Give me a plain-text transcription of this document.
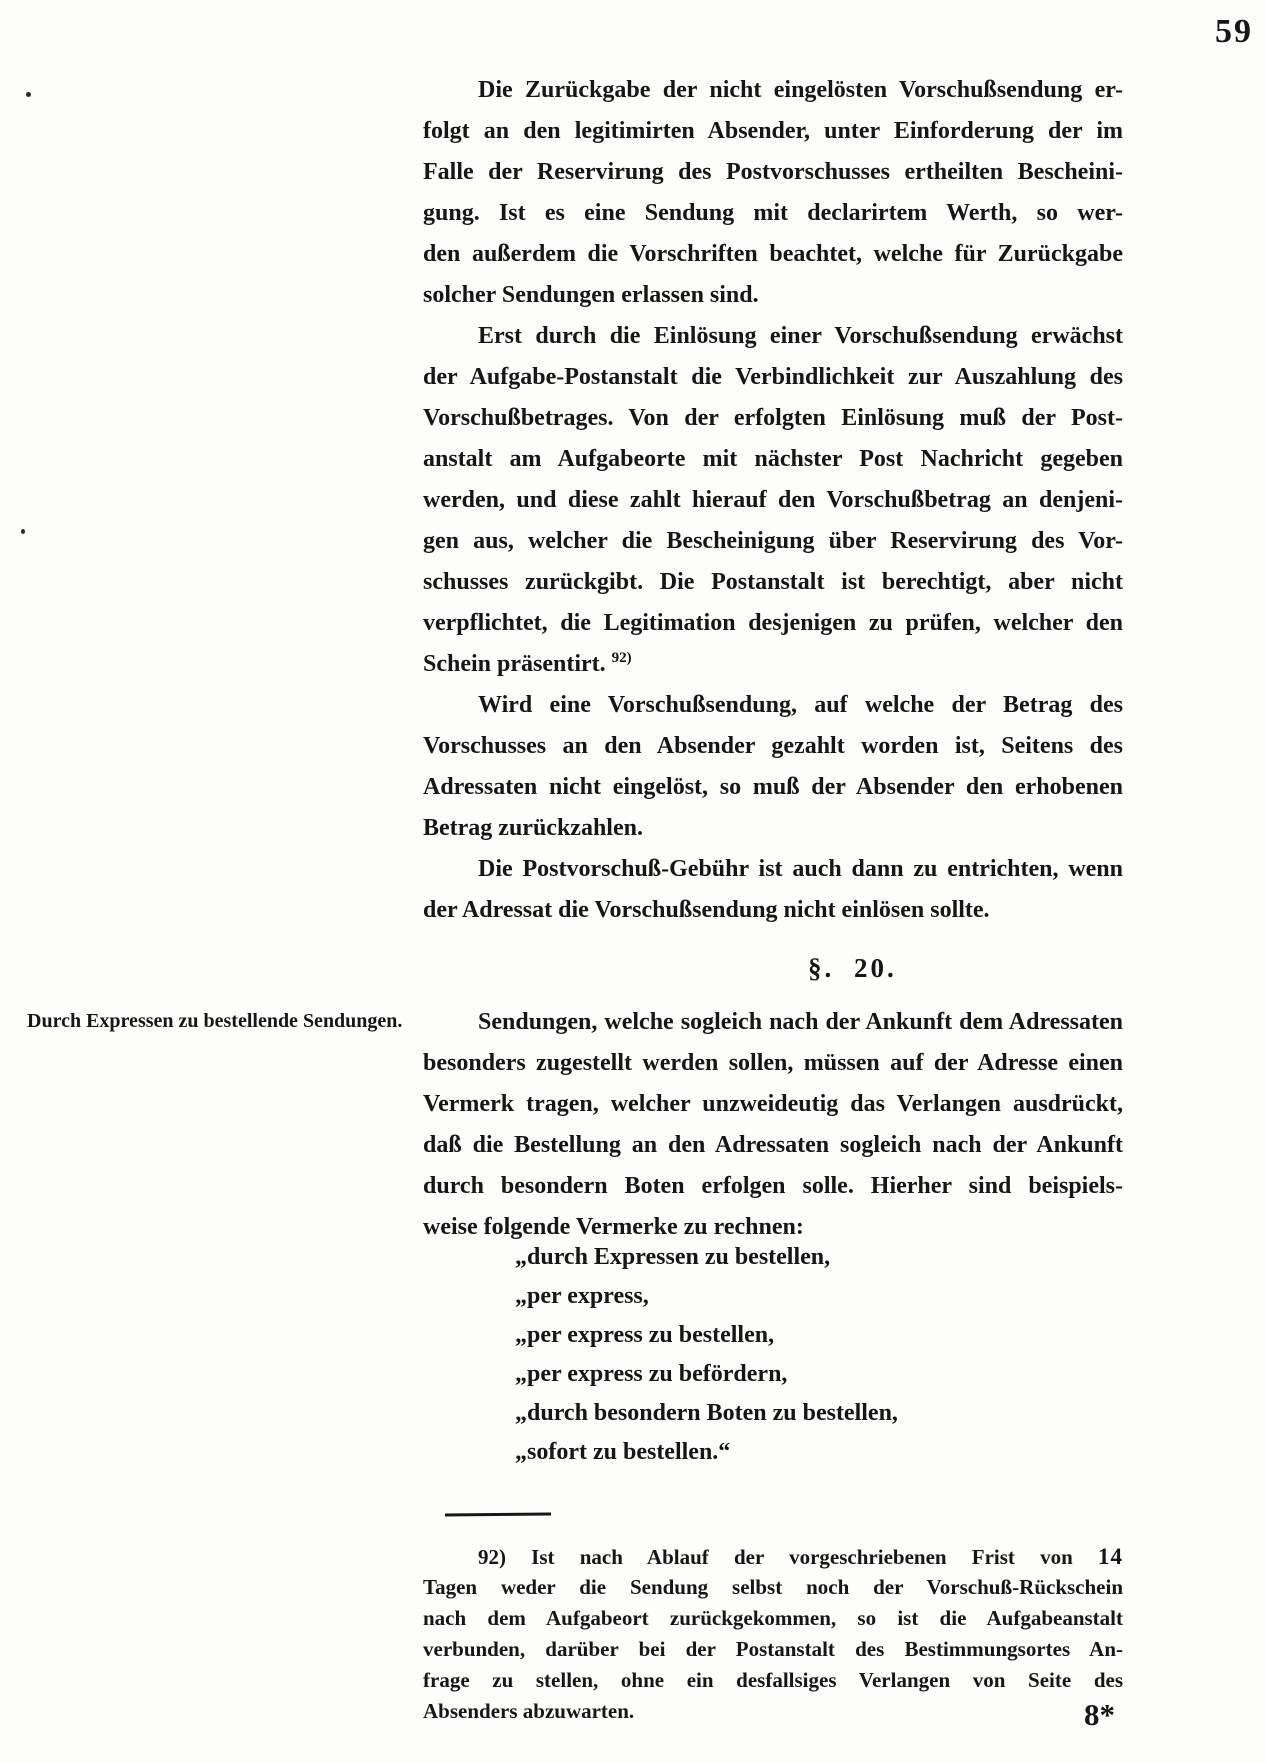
59
Die Zurückgabe der nicht eingelösten Vorschußsendung er-
folgt an den legitimirten Absender, unter Einforderung der im
Falle der Reservirung des Postvorschusses ertheilten Bescheini-
gung. Ist es eine Sendung mit declarirtem Werth, so wer-
den außerdem die Vorschriften beachtet, welche für Zurückgabe
solcher Sendungen erlassen sind.
Erst durch die Einlösung einer Vorschußsendung erwächst
der Aufgabe-Postanstalt die Verbindlichkeit zur Auszahlung des
Vorschußbetrages. Von der erfolgten Einlösung muß der Post-
anstalt am Aufgabeorte mit nächster Post Nachricht gegeben
werden, und diese zahlt hierauf den Vorschußbetrag an denjeni-
gen aus, welcher die Bescheinigung über Reservirung des Vor-
schusses zurückgibt. Die Postanstalt ist berechtigt, aber nicht
verpflichtet, die Legitimation desjenigen zu prüfen, welcher den
Schein präsentirt. $^{92)}$
Wird eine Vorschußsendung, auf welche der Betrag des
Vorschusses an den Absender gezahlt worden ist, Seitens des
Adressaten nicht eingelöst, so muß der Absender den erhobenen
Betrag zurückzahlen.
Die Postvorschuß-Gebühr ist auch dann zu entrichten, wenn
der Adressat die Vorschußsendung nicht einlösen sollte.
§. 20.
Durch Expressen zu bestellende Sendungen.	Sendungen, welche sogleich nach der Ankunft dem Adressaten
besonders zugestellt werden sollen, müssen auf der Adresse einen
Vermerk tragen, welcher unzweideutig das Verlangen ausdrückt,
daß die Bestellung an den Adressaten sogleich nach der Ankunft
durch besondern Boten erfolgen solle. Hierher sind beispiels-
weise folgende Vermerke zu rechnen:
„durch Expressen zu bestellen,
„per express,
„per express zu bestellen,
„per express zu befördern,
„durch besondern Boten zu bestellen,
„sofort zu bestellen.“
92) Ist nach Ablauf der vorgeschriebenen Frist von 14
Tagen weder die Sendung selbst noch der Vorschuß-Rückschein
nach dem Aufgabeort zurückgekommen, so ist die Aufgabeanstalt
verbunden, darüber bei der Postanstalt des Bestimmungsortes An-
frage zu stellen, ohne ein desfallsiges Verlangen von Seite des
Absenders abzuwarten.	8*
